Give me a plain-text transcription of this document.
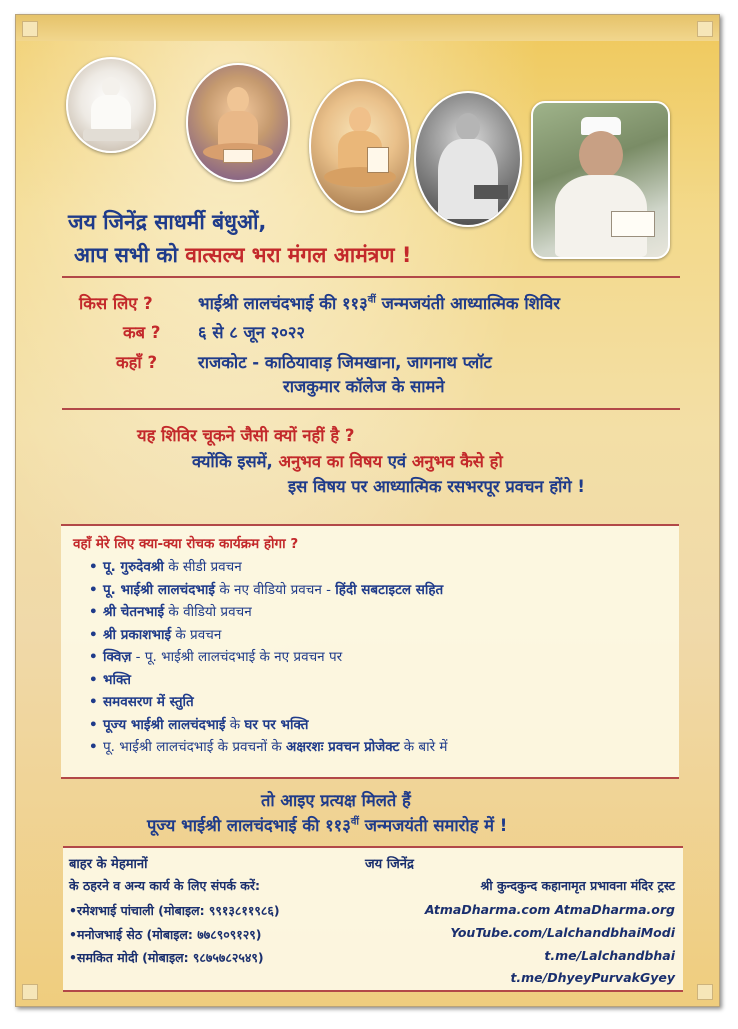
जय जिनेंद्र साधर्मी बंधुओं,
आप सभी को वात्सल्य भरा मंगल आमंत्रण !
किस लिए ?	भाईश्री लालचंदभाई की $११३^{वीं}$ जन्मजयंती आध्यात्मिक शिविर
कब ? ६ से ८ जून २०२२
कहाँ ? राजकोट - काठियावाड़ जिमखाना, जागनाथ प्लॉट
राजकुमार कॉलेज के सामने
यह शिविर चूकने जैसी क्यों नहीं है ?
क्योंकि इसमें, अनुभव का विषय एवं अनुभव कैसे हो
इस विषय पर आध्यात्मिक रसभरपूर प्रवचन होंगे !
वहाँ मेरे लिए क्या-क्या रोचक कार्यक्रम होगा ?
• पू. गुरुदेवश्री के सीडी प्रवचन
• पू. भाईश्री लालचंदभाई के नए वीडियो प्रवचन - हिंदी सबटाइटल सहित
• श्री चेतनभाई के वीडियो प्रवचन
• श्री प्रकाशभाई के प्रवचन
• क्विज़ - पू. भाईश्री लालचंदभाई के नए प्रवचन पर
• भक्ति
• समवसरण में स्तुति
• पूज्य भाईश्री लालचंदभाई के घर पर भक्ति
• पू. भाईश्री लालचंदभाई के प्रवचनों के अक्षरशः प्रवचन प्रोजेक्ट के बारे में
तो आइए प्रत्यक्ष मिलते हैं
पूज्य भाईश्री लालचंदभाई की $११३^{वीं}$ जन्मजयंती समारोह में !
बाहर के मेहमानों
के ठहरने व अन्य कार्य के लिए संपर्क करें:
•रमेशभाई पांचाली (मोबाइल: ९९१३८११९८६)
•मनोजभाई सेठ (मोबाइल: ७७८९०९१२९)
•समकित मोदी (मोबाइल: ९८७५७८२५४९)
जय जिनेंद्र
श्री कुन्दकुन्द कहानामृत प्रभावना मंदिर ट्रस्ट
AtmaDharma.com AtmaDharma.org
YouTube.com/LalchandbhaiModi
t.me/Lalchandbhai
t.me/DhyeyPurvakGyey
